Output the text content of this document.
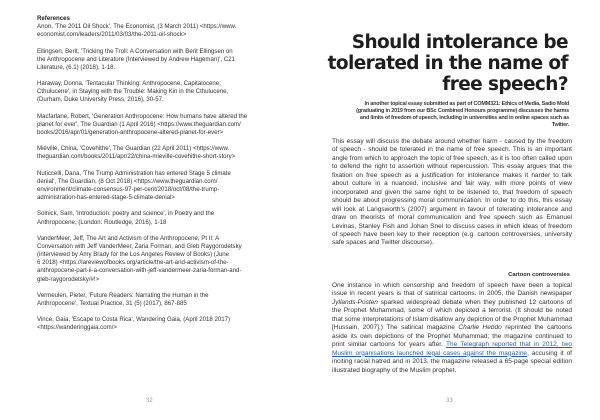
References
Anon, 'The 2011 Oil Shock', The Economist, (3 March 2011) <https://www.
economist.com/leaders/2011/03/03/the-2011-oil-shock>
Ellingsen, Berit, 'Tricking the Troll: A Conversation with Berit Ellingsen on
the Anthropocene and Literature (Interviewed by Andrew Hageman)', C21
Literature, (6.1) (2018), 1-18.
Haraway, Donna, 'Tentacular Thinking: Anthropocene, Capitalocene,
Cthulucene', in Staying with the Trouble: Making Kin in the Cthulucene,
(Durham, Duke University Press, 2016), 30-57.
Macfarlane, Robert, 'Generation Anthropocene: How humans have altered the
planet for ever', The Guardian (1 April 2016) <https://www.theguardian.com/
books/2016/apr/01/generation-anthropocene-altered-planet-for-ever>
Miéville, China, 'Covehithe', The Guardian (22 April 2011) <https://www.
theguardian.com/books/2011/apr/22/china-mieville-covehithe-short-story>
Nuticcelli, Dana, 'The Trump Administration has entered Stage 5 climate
denial', The Guardian, (8 Oct 2018) <https://www.theguardian.com/
environment/climate-consensus-97-per-cent/2018/oct/08/the-trump-
administration-has-entered-stage-5-climate-denial>
Solnick, Sam, 'Introduction: poetry and science', in Poetry and the
Anthropocene, (London: Routledge, 2016), 1-18
VanderMeer, Jeff, The Art and Activism of the Anthropocene, Pt II: A
Conversation with Jeff VanderMeer, Zaria Forman, and Gleb Raygorodetsky
(interviewed by Amy Brady for the Los Angeles Review of Books) (June
6 2018) <https://lareviewofbooks.org/article/the-art-and-activism-of-the-
anthropocene-part-ii-a-conversation-with-jeff-vandermeer-zaria-forman-and-
gleb-raygorodetsky/#!>
Vermeulen, Pieter, 'Future Readers: Narrating the Human in the
Anthropocene', Textual Practice, 31 (5) (2017), 867-885
Vince, Gaia, 'Escape to Costa Rica', Wandering Gaia, (April 2018 2017)
<https://wanderinggaia.com/>
32
Should intolerance be tolerated in the name of free speech?

In another topical essay submitted as part of COMM321: Ethics of Media, Sadio Mold (graduating in 2019 from our BSc Combined Honours programme) discusses the harms and limits of freedom of speech, including in universities and in online spaces such as Twitter.

This essay will discuss the debate around whether harm - caused by the freedom of speech - should be tolerated in the name of free speech. This is an important angle from which to approach the topic of free speech, as it is too often called upon to defend the right to assertion without repercussion. This essay argues that the fixation on free speech as a justification for intolerance makes it harder to talk about culture in a nuanced, inclusive and fair way, with more points of view incorporated and given the same right to be listened to, that freedom of speech should be about progressing moral communication. In order to do this, this essay will look at Langsworth's (2007) argument in favour of tolerating intolerance and draw on theorists of moral communication and free speech such as Emanuel Levinas, Stanley Fish and Johan Snel to discuss cases in which ideas of freedom of speech have been key to their reception (e.g. cartoon controversies, university safe spaces and Twitter discourse).

Cartoon controversies

One instance in which censorship and freedom of speech have been a topical issue in recent years is that of satirical cartoons. In 2005, the Danish newspaper Jyllands-Posten sparked widespread debate when they published 12 cartoons of the Prophet Muhammad, some of which depicted a terrorist. (It should be noted that some interpretations of Islam disallow any depiction of the Prophet Muhammad [Hussain, 2007].) The satirical magazine Charlie Hebdo reprinted the cartoons aside its own depictions of the Prophet Muhammad; the magazine continued to print similar cartoons for years after. The Telegraph reported that in 2012, two Muslim organisations launched legal cases against the magazine, accusing it of inciting racial hatred and in 2013, the magazine released a 65-page special edition illustrated biography of the Muslim prophet.

33
